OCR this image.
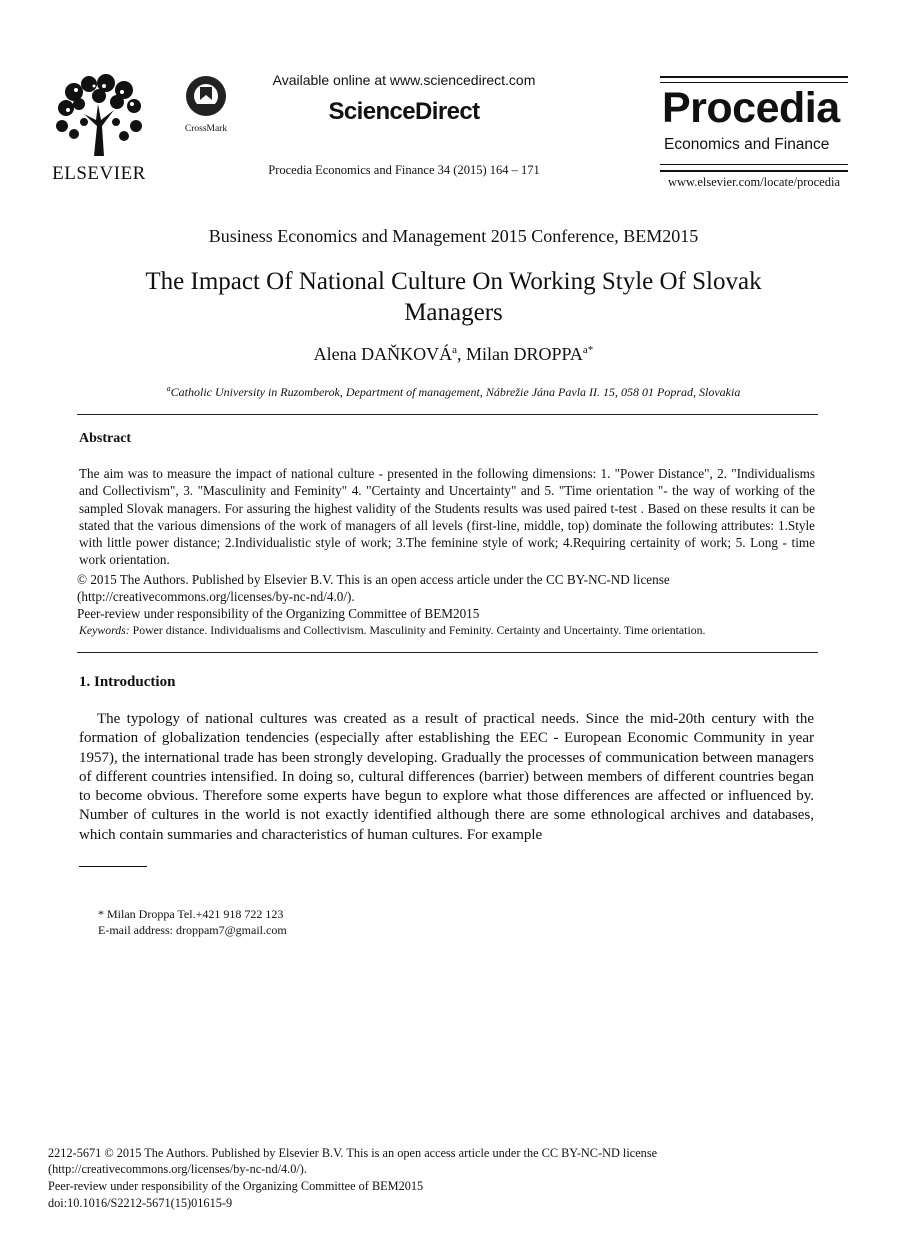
ELSEVIER
CrossMark
Available online at www.sciencedirect.com
ScienceDirect
Procedia Economics and Finance 34 (2015) 164 – 171
Procedia
Economics and Finance
www.elsevier.com/locate/procedia
Business Economics and Management 2015 Conference, BEM2015
The Impact Of National Culture On Working Style Of Slovak Managers
Alena DAŇKOVÁ$^a$, Milan $DROPPA^{a*}$
$^a$Catholic University in Ruzomberok, Department of management, Nábrežie Jána Pavla II. 15, 058 01 Poprad, Slovakia
Abstract
The aim was to measure the impact of national culture - presented in the following dimensions: 1. "Power Distance", 2. "Individualisms and Collectivism", 3. "Masculinity and Feminity" 4. "Certainty and Uncertainty" and 5. "Time orientation "- the way of working of the sampled Slovak managers. For assuring the highest validity of the Students results was used paired t-test . Based on these results it can be stated that the various dimensions of the work of managers of all levels (first-line, middle, top) dominate the following attributes: 1.Style with little power distance; 2.Individualistic style of work; 3.The feminine style of work; 4.Requiring certainity of work; 5. Long - time work orientation.
© 2015 The Authors. Published by Elsevier B.V. This is an open access article under the CC BY-NC-ND license
(http://creativecommons.org/licenses/by-nc-nd/4.0/).
Peer-review under responsibility of the Organizing Committee of BEM2015
Keywords: Power distance. Individualisms and Collectivism. Masculinity and Feminity. Certainty and Uncertainty. Time orientation.
1. Introduction
The typology of national cultures was created as a result of practical needs. Since the mid-20th century with the formation of globalization tendencies (especially after establishing the EEC - European Economic Community in year 1957), the international trade has been strongly developing. Gradually the processes of communication between managers of different countries intensified. In doing so, cultural differences (barrier) between members of different countries began to become obvious. Therefore some experts have begun to explore what those differences are affected or influenced by. Number of cultures in the world is not exactly identified although there are some ethnological archives and databases, which contain summaries and characteristics of human cultures. For example
* Milan Droppa Tel.+421 918 722 123
E-mail address: droppam7@gmail.com
2212-5671 © 2015 The Authors. Published by Elsevier B.V. This is an open access article under the CC BY-NC-ND license
(http://creativecommons.org/licenses/by-nc-nd/4.0/).
Peer-review under responsibility of the Organizing Committee of BEM2015
doi:10.1016/S2212-5671(15)01615-9
